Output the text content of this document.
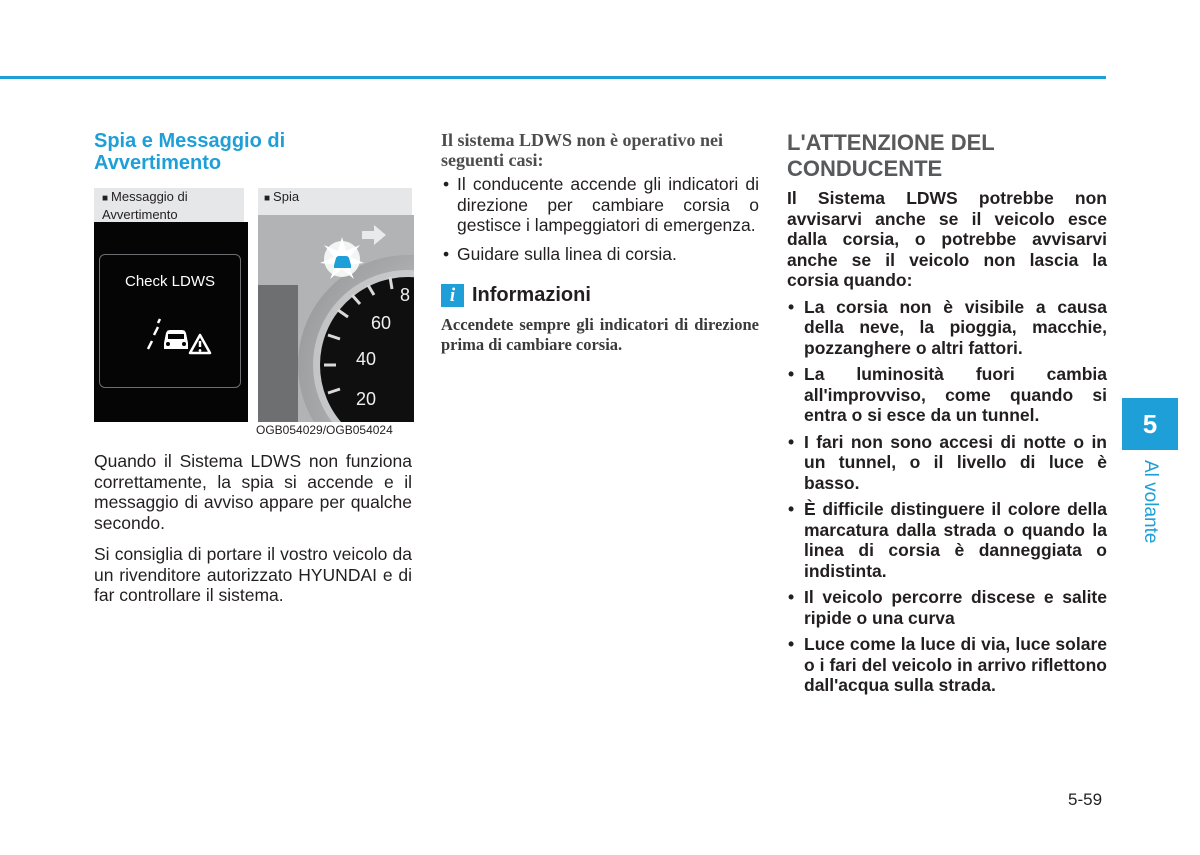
Spia e Messaggio di Avvertimento
■ Messaggio di Avvertimento
■ Spia
Check LDWS
8
60
40
20
OGB054029/OGB054024

Quando il Sistema LDWS non funziona correttamente, la spia si accende e il messaggio di avviso appare per qualche secondo.

Si consiglia di portare il vostro veicolo da un rivenditore autorizzato HYUNDAI e di far controllare il sistema.

Il sistema LDWS non è operativo nei seguenti casi:

• Il conducente accende gli indicatori di direzione per cambiare corsia o gestisce i lampeggiatori di emergenza.
• Guidare sulla linea di corsia.
i Informazioni
Accendete sempre gli indicatori di direzione prima di cambiare corsia.
L'ATTENZIONE DEL CONDUCENTE

Il Sistema LDWS potrebbe non avvisarvi anche se il veicolo esce dalla corsia, o potrebbe avvisarvi anche se il veicolo non lascia la corsia quando:

• La corsia non è visibile a causa della neve, la pioggia, macchie, pozzanghere o altri fattori.
• La luminosità fuori cambia all'improvviso, come quando si entra o si esce da un tunnel.
• I fari non sono accesi di notte o in un tunnel, o il livello di luce è basso.
• È difficile distinguere il colore della marcatura dalla strada o quando la linea di corsia è danneggiata o indistinta.
• Il veicolo percorre discese e salite ripide o una curva
• Luce come la luce di via, luce solare o i fari del veicolo in arrivo riflettono dall'acqua sulla strada.
5
Al volante
5-59
